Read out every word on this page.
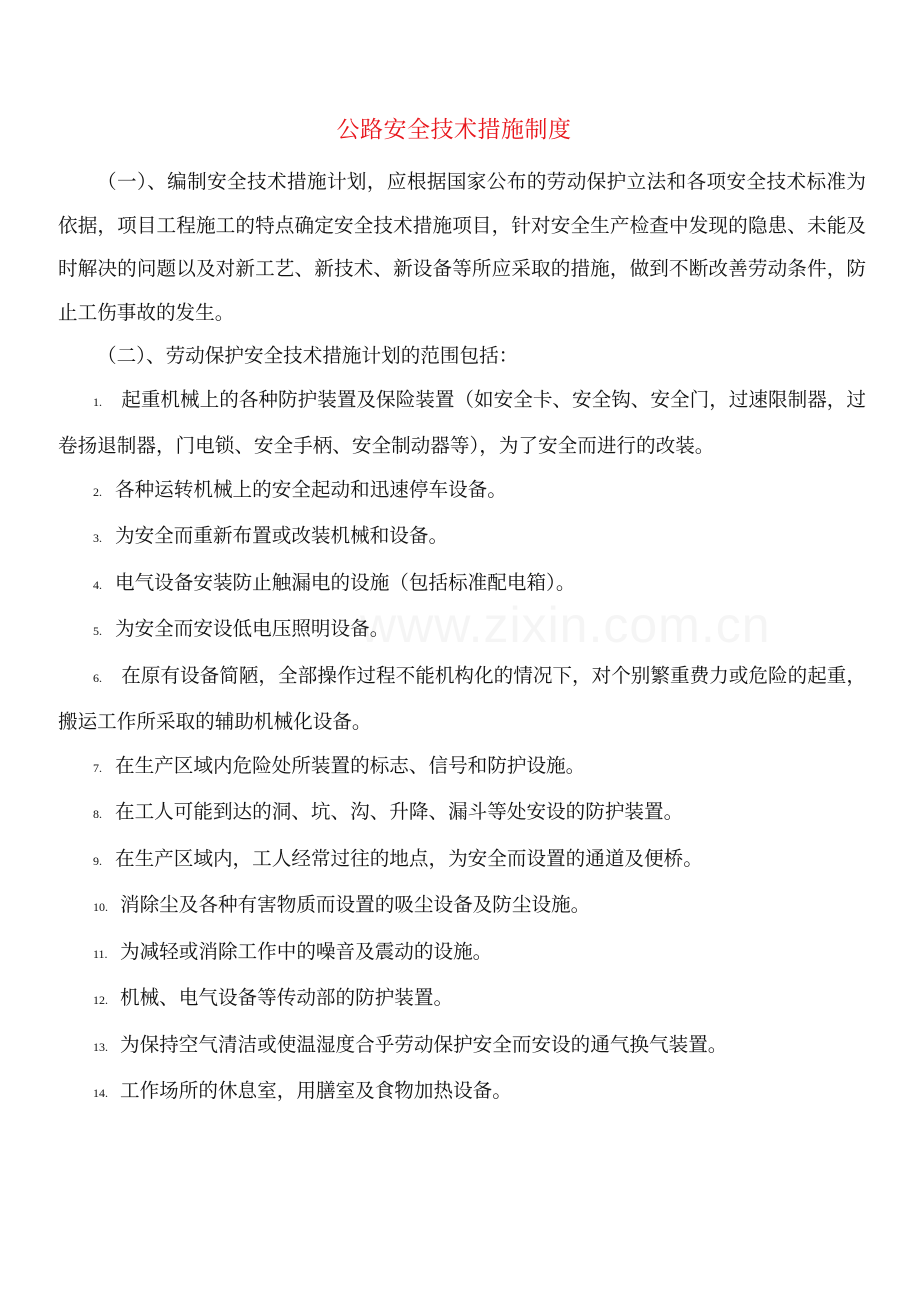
www.zixin.com.cn
公路安全技术措施制度

（一）、编制安全技术措施计划，应根据国家公布的劳动保护立法和各项安全技术标准为依据，项目工程施工的特点确定安全技术措施项目，针对安全生产检查中发现的隐患、未能及时解决的问题以及对新工艺、新技术、新设备等所应采取的措施，做到不断改善劳动条件，防止工伤事故的发生。

（二）、劳动保护安全技术措施计划的范围包括：

1. 起重机械上的各种防护装置及保险装置（如安全卡、安全钩、安全门，过速限制器，过卷扬退制器，门电锁、安全手柄、安全制动器等），为了安全而进行的改装。

2. 各种运转机械上的安全起动和迅速停车设备。

3. 为安全而重新布置或改装机械和设备。

4. 电气设备安装防止触漏电的设施（包括标准配电箱）。

5. 为安全而安设低电压照明设备。

6. 在原有设备简陋，全部操作过程不能机构化的情况下，对个别繁重费力或危险的起重，搬运工作所采取的辅助机械化设备。

7. 在生产区域内危险处所装置的标志、信号和防护设施。

8. 在工人可能到达的洞、坑、沟、升降、漏斗等处安设的防护装置。

9. 在生产区域内，工人经常过往的地点，为安全而设置的通道及便桥。

10. 消除尘及各种有害物质而设置的吸尘设备及防尘设施。

11. 为减轻或消除工作中的噪音及震动的设施。

12. 机械、电气设备等传动部的防护装置。

13. 为保持空气清洁或使温湿度合乎劳动保护安全而安设的通气换气装置。

14. 工作场所的休息室，用膳室及食物加热设备。
